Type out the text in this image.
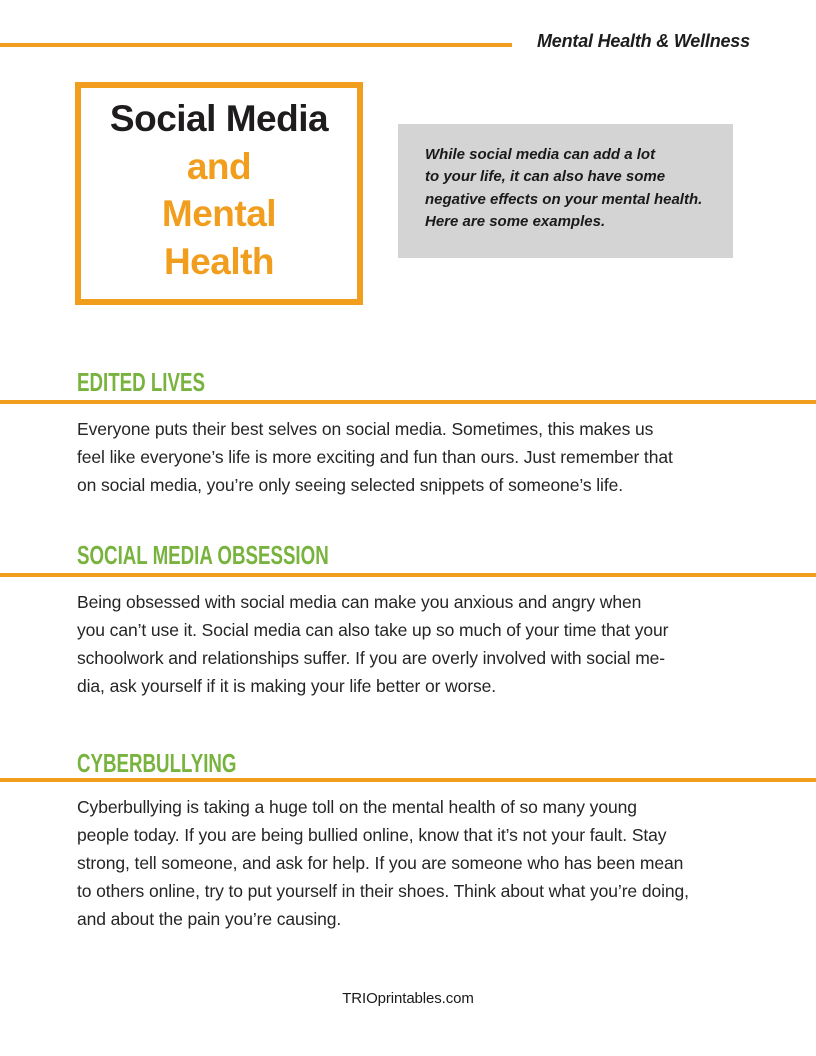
Mental Health & Wellness
Social Media
and
Mental
Health
While social media can add a lot
to your life, it can also have some
negative effects on your mental health.
Here are some examples.
EDITED LIVES
Everyone puts their best selves on social media. Sometimes, this makes us
feel like everyone’s life is more exciting and fun than ours. Just remember that
on social media, you’re only seeing selected snippets of someone’s life.
SOCIAL MEDIA OBSESSION
Being obsessed with social media can make you anxious and angry when
you can’t use it. Social media can also take up so much of your time that your
schoolwork and relationships suffer. If you are overly involved with social me-
dia, ask yourself if it is making your life better or worse.
CYBERBULLYING
Cyberbullying is taking a huge toll on the mental health of so many young
people today. If you are being bullied online, know that it’s not your fault. Stay
strong, tell someone, and ask for help. If you are someone who has been mean
to others online, try to put yourself in their shoes. Think about what you’re doing,
and about the pain you’re causing.
TRIOprintables.com
